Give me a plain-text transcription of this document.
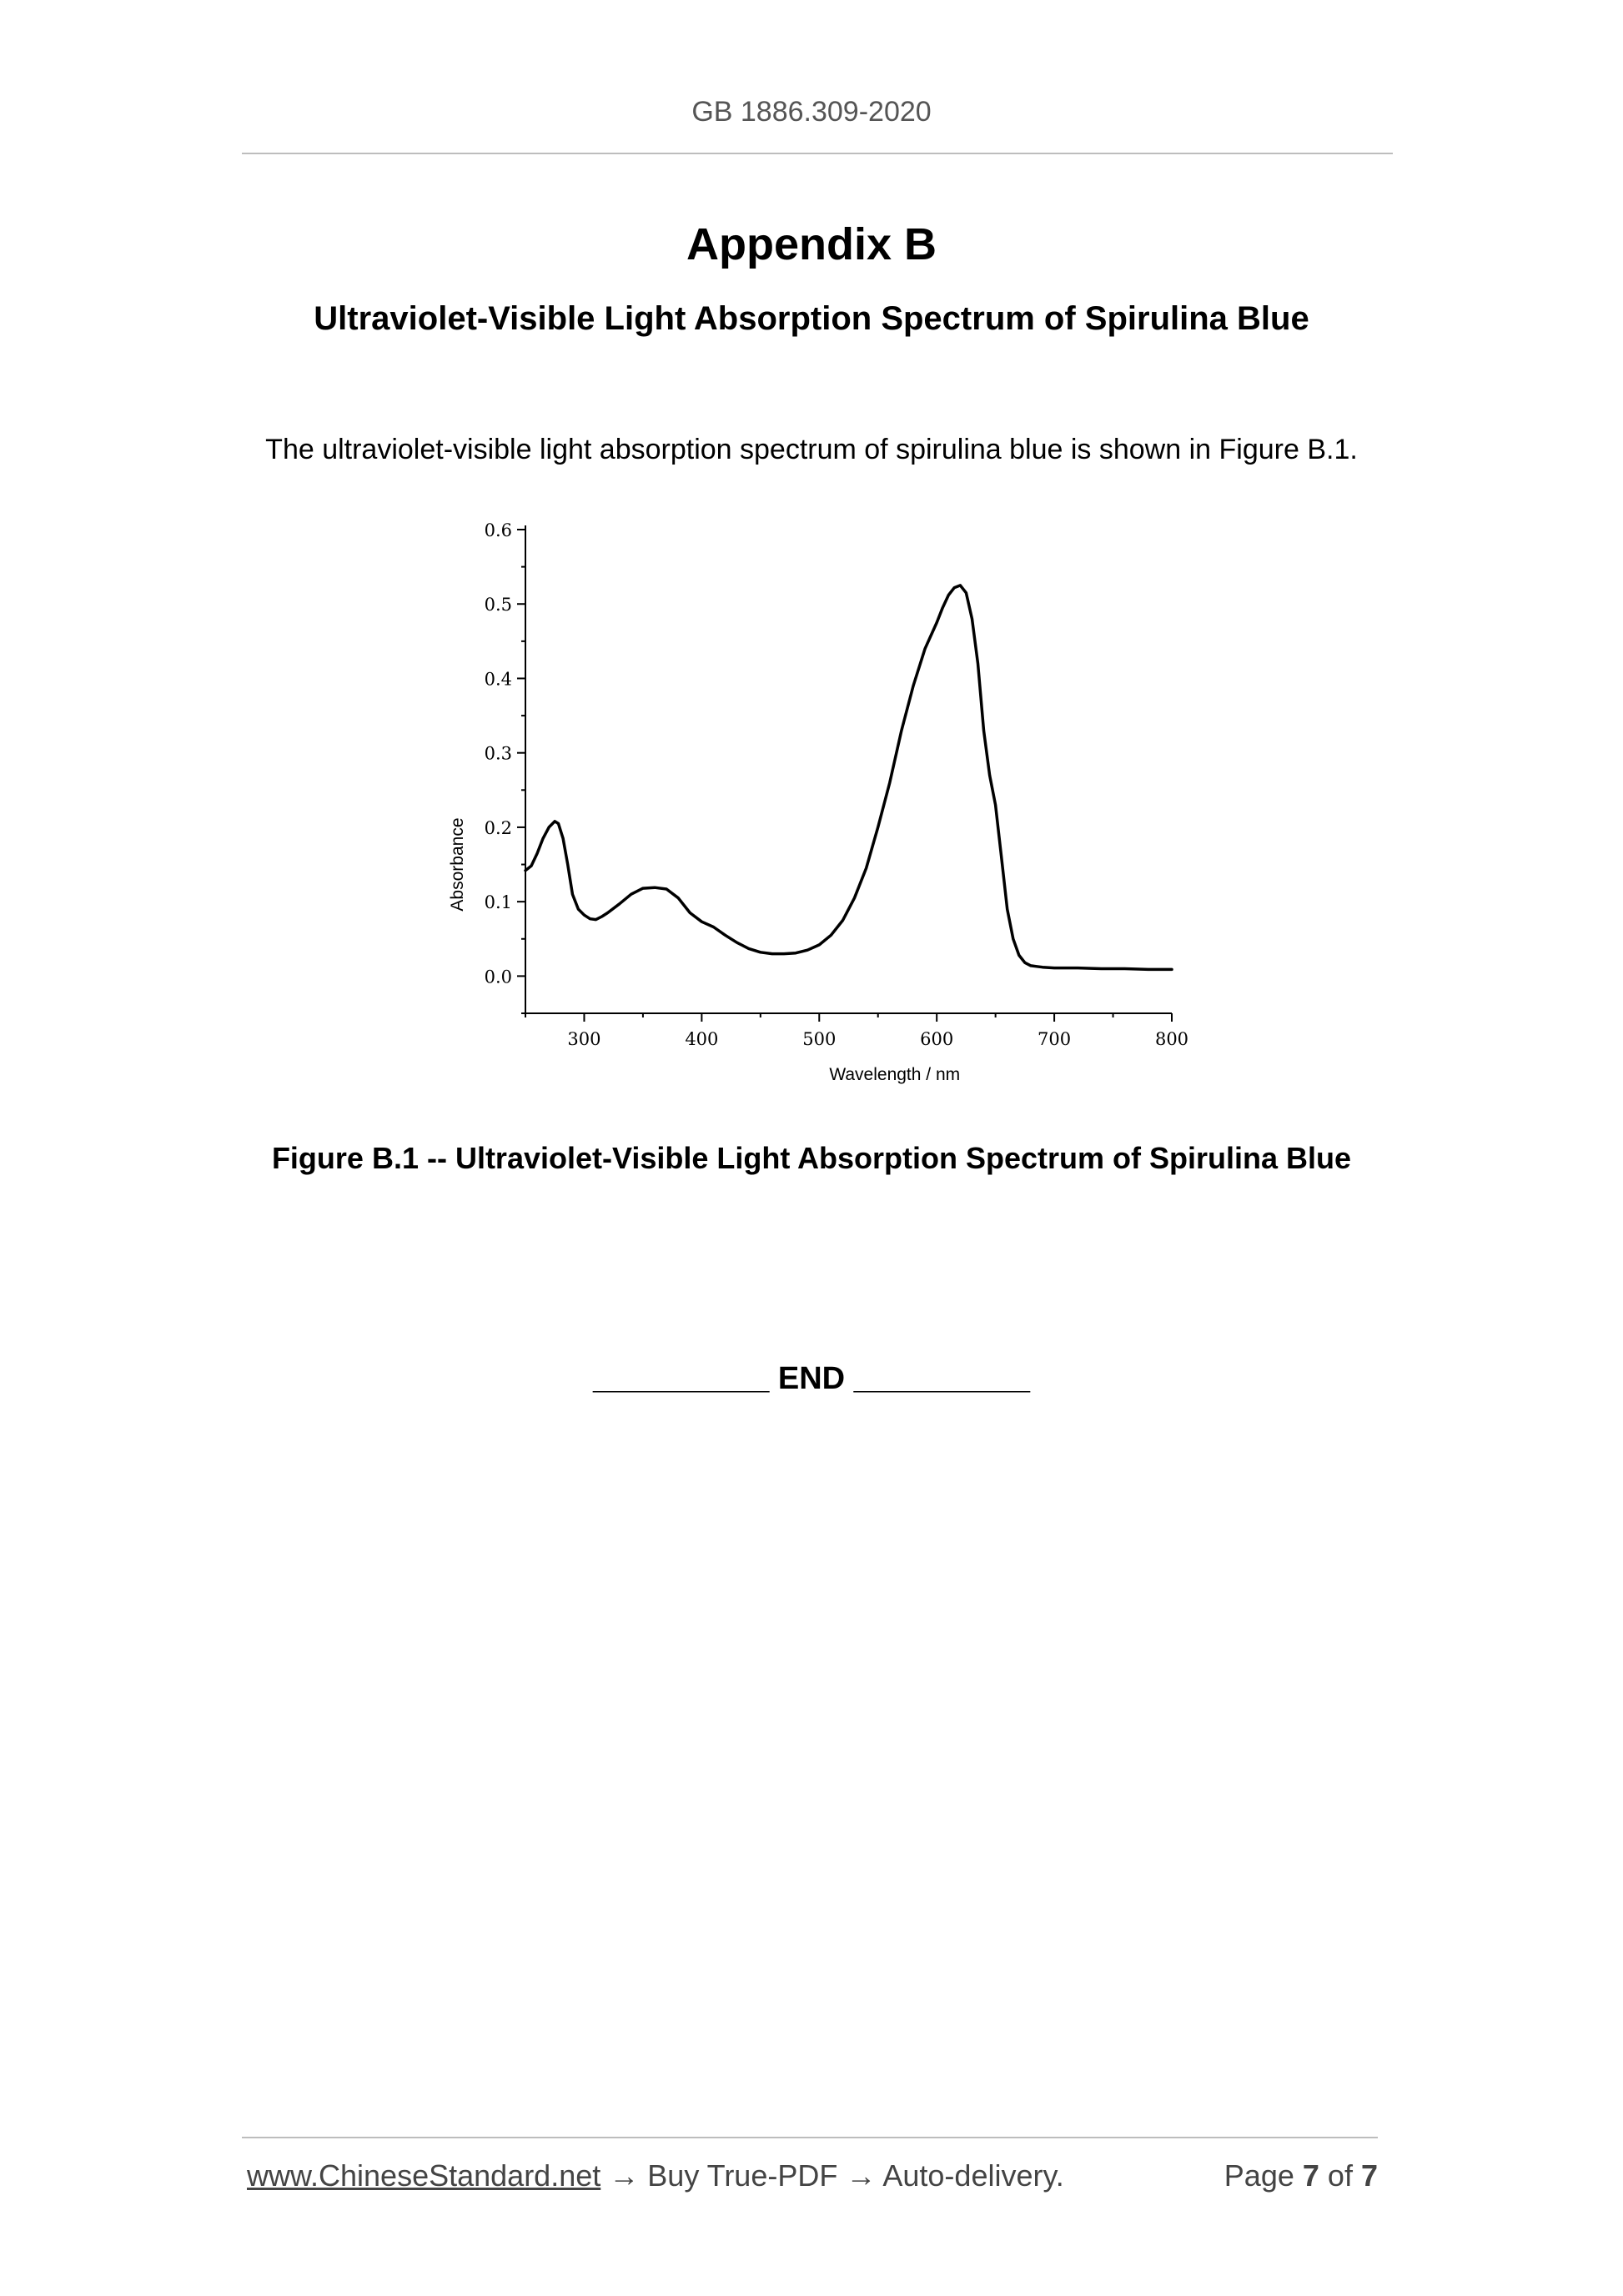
GB 1886.309-2020
Appendix B
Ultraviolet-Visible Light Absorption Spectrum of Spirulina Blue
The ultraviolet-visible light absorption spectrum of spirulina blue is shown in Figure B.1.
0.0
0.1
0.2
0.3
0.4
0.5
0.6
300	400	500	600	700	800
Wavelength / nm
Absorbance
Figure B.1 -- Ultraviolet-Visible Light Absorption Spectrum of Spirulina Blue
__________ END __________
www.ChineseStandard.net → Buy True-PDF → Auto-delivery.	Page 7 of 7
